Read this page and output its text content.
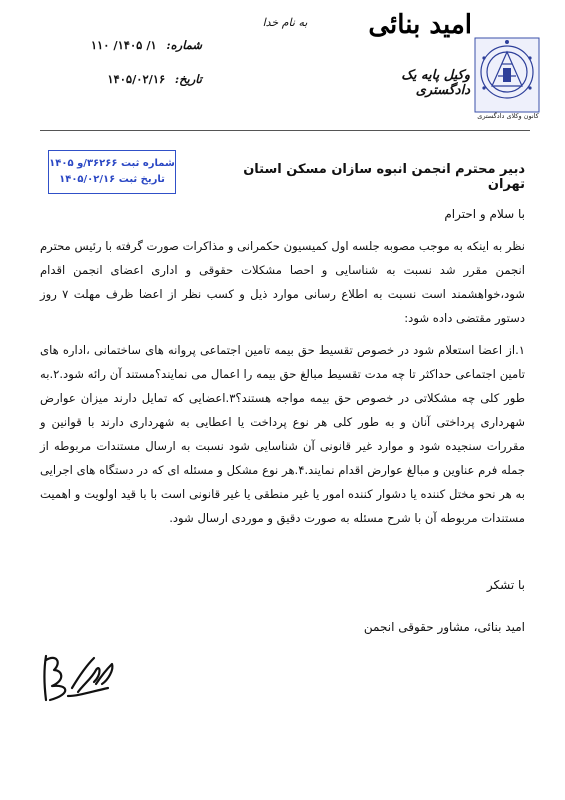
کانون وکلای دادگستری
امید بنائی
وکیل پایه یک دادگستری
به نام خدا
شماره: ۱/ ۱۴۰۵/ ۱۱۰
تاریخ: ۱۴۰۵/۰۲/۱۶
شماره ثبت ۳۶۲۶۶/و ۱۴۰۵
تاریخ ثبت ۱۴۰۵/۰۲/۱۶
دبیر محترم انجمن انبوه سازان مسکن استان تهران
با سلام و احترام
نظر به اینکه به موجب مصوبه جلسه اول کمیسیون حکمرانی و مذاکرات صورت گرفته با رئیس محترم انجمن مقرر شد نسبت به شناسایی و احصا مشکلات حقوقی و اداری اعضای انجمن اقدام شود،خواهشمند است نسبت به اطلاع رسانی موارد ذیل و کسب نظر از اعضا ظرف مهلت ۷ روز دستور مقتضی داده شود:
۱.از اعضا استعلام شود در خصوص تقسیط حق بیمه تامین اجتماعی پروانه های ساختمانی ،اداره های تامین اجتماعی حداکثر تا چه مدت تقسیط مبالغ حق بیمه را اعمال می نمایند؟مستند آن رائه شود.۲.به طور کلی چه مشکلاتی در خصوص حق بیمه مواجه هستند؟۳.اعضایی که تمایل دارند میزان عوارض شهرداری پرداختی آنان و به طور کلی هر نوع پرداخت یا اعطایی به شهرداری دارند با قوانین و مقررات سنجیده شود و موارد غیر قانونی آن شناسایی شود نسبت به ارسال مستندات مربوطه از جمله فرم عناوین و مبالغ عوارض اقدام نمایند.۴.هر نوع مشکل و مسئله ای که در دستگاه های اجرایی به هر نحو مختل کننده یا دشوار کننده امور یا غیر منطقی یا غیر قانونی است با با قید اولویت و اهمیت مستندات مربوطه آن با شرح مسئله به صورت دقیق و موردی ارسال شود.
با تشکر
امید بنائی، مشاور حقوقی انجمن
